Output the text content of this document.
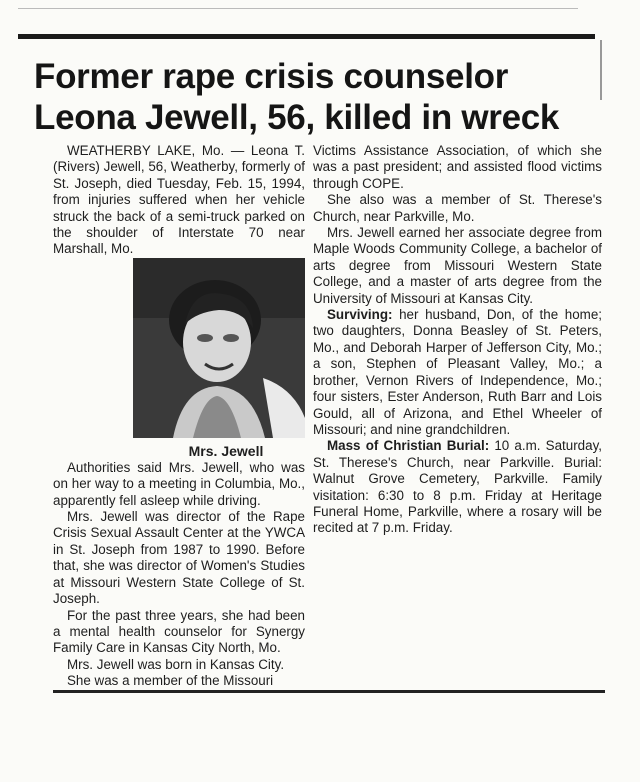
Former rape crisis counselor
Leona Jewell, 56, killed in wreck

WEATHERBY LAKE, Mo. — Leona T. (Rivers) Jewell, 56, Weatherby, formerly of St. Joseph, died Tuesday, Feb. 15, 1994, from injuries suffered when her vehicle struck the back of a semi-truck parked on the shoulder of Interstate 70 near Marshall, Mo.

Mrs. Jewell

Authorities said Mrs. Jewell, who was on her way to a meeting in Columbia, Mo., apparently fell asleep while driving.

Mrs. Jewell was director of the Rape Crisis Sexual Assault Center at the YWCA in St. Joseph from 1987 to 1990. Before that, she was director of Women's Studies at Missouri Western State College of St. Joseph.

For the past three years, she had been a mental health counselor for Synergy Family Care in Kansas City North, Mo.

Mrs. Jewell was born in Kansas City.

She was a member of the Missouri

Victims Assistance Association, of which she was a past president; and assisted flood victims through COPE.

She also was a member of St. Therese's Church, near Parkville, Mo.

Mrs. Jewell earned her associate degree from Maple Woods Community College, a bachelor of arts degree from Missouri Western State College, and a master of arts degree from the University of Missouri at Kansas City.

Surviving: her husband, Don, of the home; two daughters, Donna Beasley of St. Peters, Mo., and Deborah Harper of Jefferson City, Mo.; a son, Stephen of Pleasant Valley, Mo.; a brother, Vernon Rivers of Independence, Mo.; four sisters, Ester Anderson, Ruth Barr and Lois Gould, all of Arizona, and Ethel Wheeler of Missouri; and nine grandchildren.

Mass of Christian Burial: 10 a.m. Saturday, St. Therese's Church, near Parkville. Burial: Walnut Grove Cemetery, Parkville. Family visitation: 6:30 to 8 p.m. Friday at Heritage Funeral Home, Parkville, where a rosary will be recited at 7 p.m. Friday.
